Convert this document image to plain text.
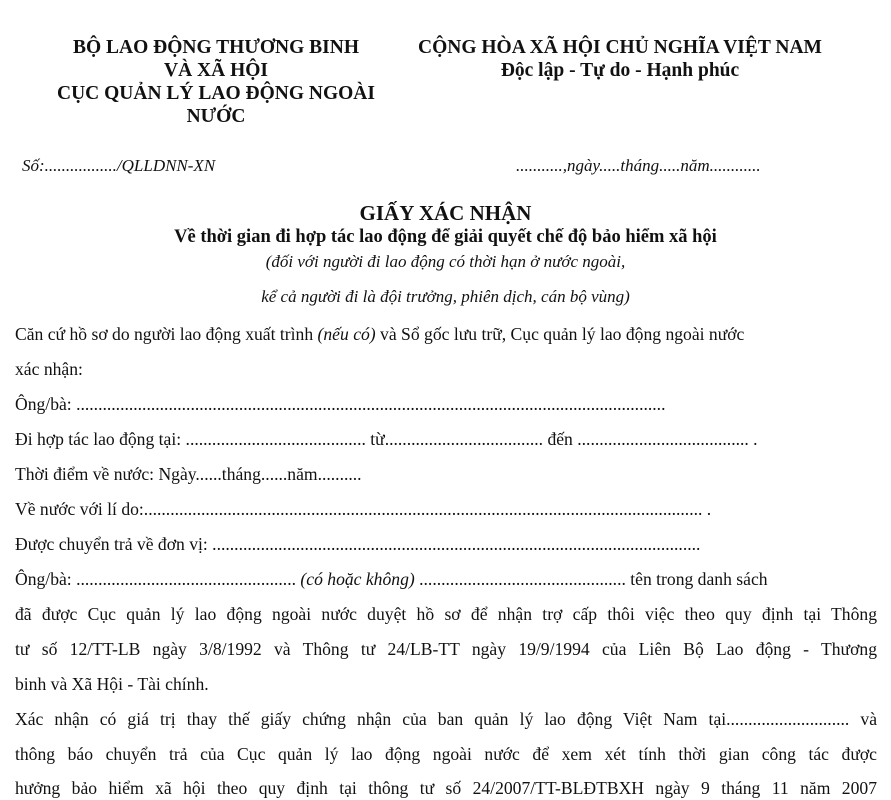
BỘ LAO ĐỘNG THƯƠNG BINH
VÀ XÃ HỘI
CỤC QUẢN LÝ LAO ĐỘNG NGOÀI
NƯỚC
CỘNG HÒA XÃ HỘI CHỦ NGHĨA VIỆT NAM
Độc lập - Tự do - Hạnh phúc
Số:................./QLLDNN-XN	...........,ngày.....tháng.....năm............
GIẤY XÁC NHẬN
Về thời gian đi hợp tác lao động để giải quyết chế độ bảo hiểm xã hội
(đối với người đi lao động có thời hạn ở nước ngoài,
kể cả người đi là đội trưởng, phiên dịch, cán bộ vùng)
Căn cứ hồ sơ do người lao động xuất trình (nếu có) và Sổ gốc lưu trữ, Cục quản lý lao động ngoài nước
xác nhận:
Ông/bà: ......................................................................................................................................
Đi hợp tác lao động tại: ......................................... từ.................................... đến ....................................... .
Thời điểm về nước: Ngày......tháng......năm..........
Về nước với lí do:............................................................................................................................... .
Được chuyển trả về đơn vị: ...............................................................................................................
Ông/bà: .................................................. (có hoặc không) ............................................... tên trong danh sách
đã được Cục quản lý lao động ngoài nước duyệt hồ sơ để nhận trợ cấp thôi việc theo quy định tại Thông
tư số 12/TT-LB ngày 3/8/1992 và Thông tư 24/LB-TT ngày 19/9/1994 của Liên Bộ Lao động - Thương
binh và Xã Hội - Tài chính.
Xác nhận có giá trị thay thế giấy chứng nhận của ban quản lý lao động Việt Nam tại............................ và
thông báo chuyển trả của Cục quản lý lao động ngoài nước để xem xét tính thời gian công tác được
hưởng bảo hiểm xã hội theo quy định tại thông tư số 24/2007/TT-BLĐTBXH ngày 9 tháng 11 năm 2007
